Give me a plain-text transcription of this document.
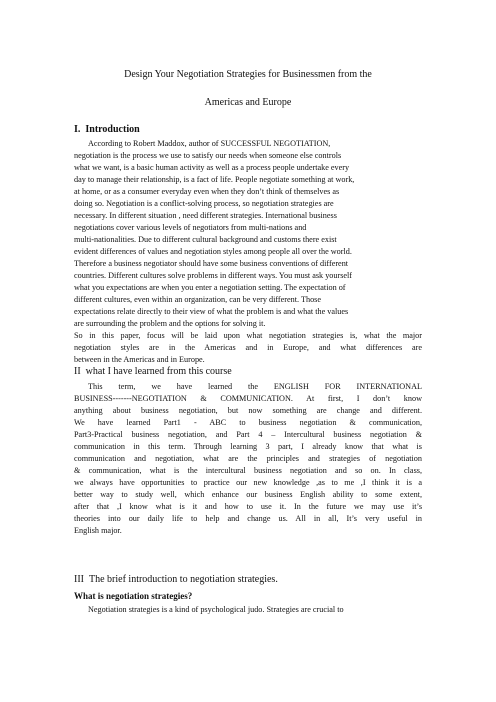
Design Your Negotiation Strategies for Businessmen from the
Americas and Europe
I.  Introduction
According to Robert Maddox, author of SUCCESSFUL NEGOTIATION,
negotiation is the process we use to satisfy our needs when someone else controls
what we want, is a basic human activity as well as a process people undertake every
day to manage their relationship, is a fact of life. People negotiate something at work,
at home, or as a consumer everyday even when they don’t think of themselves as
doing so. Negotiation is a conflict-solving process, so negotiation strategies are
necessary. In different situation , need different strategies. International business
negotiations cover various levels of negotiators from multi-nations and
multi-nationalities. Due to different cultural background and customs there exist
evident differences of values and negotiation styles among people all over the world.
Therefore a business negotiator should have some business conventions of different
countries. Different cultures solve problems in different ways. You must ask yourself
what you expectations are when you enter a negotiation setting. The expectation of
different cultures, even within an organization, can be very different. Those
expectations relate directly to their view of what the problem is and what the values
are surrounding the problem and the options for solving it.
So in this paper, focus will be laid upon what negotiation strategies is, what the major
negotiation styles are in the Americas and in Europe, and what differences are
between in the Americas and in Europe.
II  what I have learned from this course
This term, we have learned the ENGLISH FOR INTERNATIONAL
BUSINESS-------NEGOTIATION & COMMUNICATION. At first, I don’t know
anything about business negotiation, but now something are change and different.
We have learned Part1 - ABC to business negotiation & communication,
Part3-Practical business negotiation, and Part 4 – Intercultural business negotiation &
communication in this term. Through learning 3 part, I already know that what is
communication and negotiation, what are the principles and strategies of negotiation
& communication, what is the intercultural business negotiation and so on. In class,
we always have opportunities to practice our new knowledge ,as to me ,I think it is a
better way to study well, which enhance our business English ability to some extent,
after that ,I know what is it and how to use it. In the future we may use it’s
theories into our daily life to help and change us. All in all, It’s very useful in
English major.
III  The brief introduction to negotiation strategies.
What is negotiation strategies?
Negotiation strategies is a kind of psychological judo. Strategies are crucial to
